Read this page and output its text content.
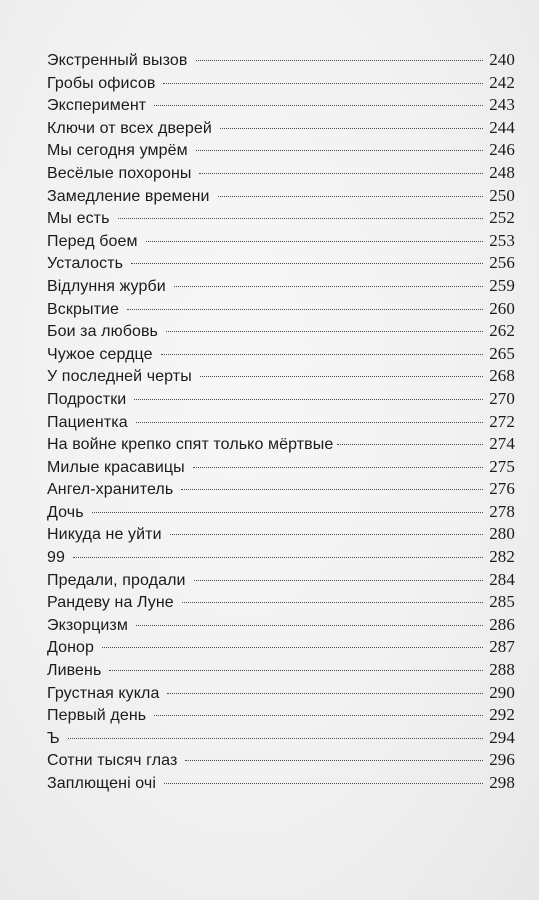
Экстренный вызов	240
Гробы офисов	242
Эксперимент	243
Ключи от всех дверей	244
Мы сегодня умрём	246
Весёлые похороны	248
Замедление времени	250
Мы есть	252
Перед боем	253
Усталость	256
Відлуння журби	259
Вскрытие	260
Бои за любовь	262
Чужое сердце	265
У последней черты	268
Подростки	270
Пациентка	272
На войне крепко спят только мёртвые	274
Милые красавицы	275
Ангел-хранитель	276
Дочь	278
Никуда не уйти	280
99	282
Предали, продали	284
Рандеву на Луне	285
Экзорцизм	286
Донор	287
Ливень	288
Грустная кукла	290
Первый день	292
Ъ	294
Сотни тысяч глаз	296
Заплющені очі	298
